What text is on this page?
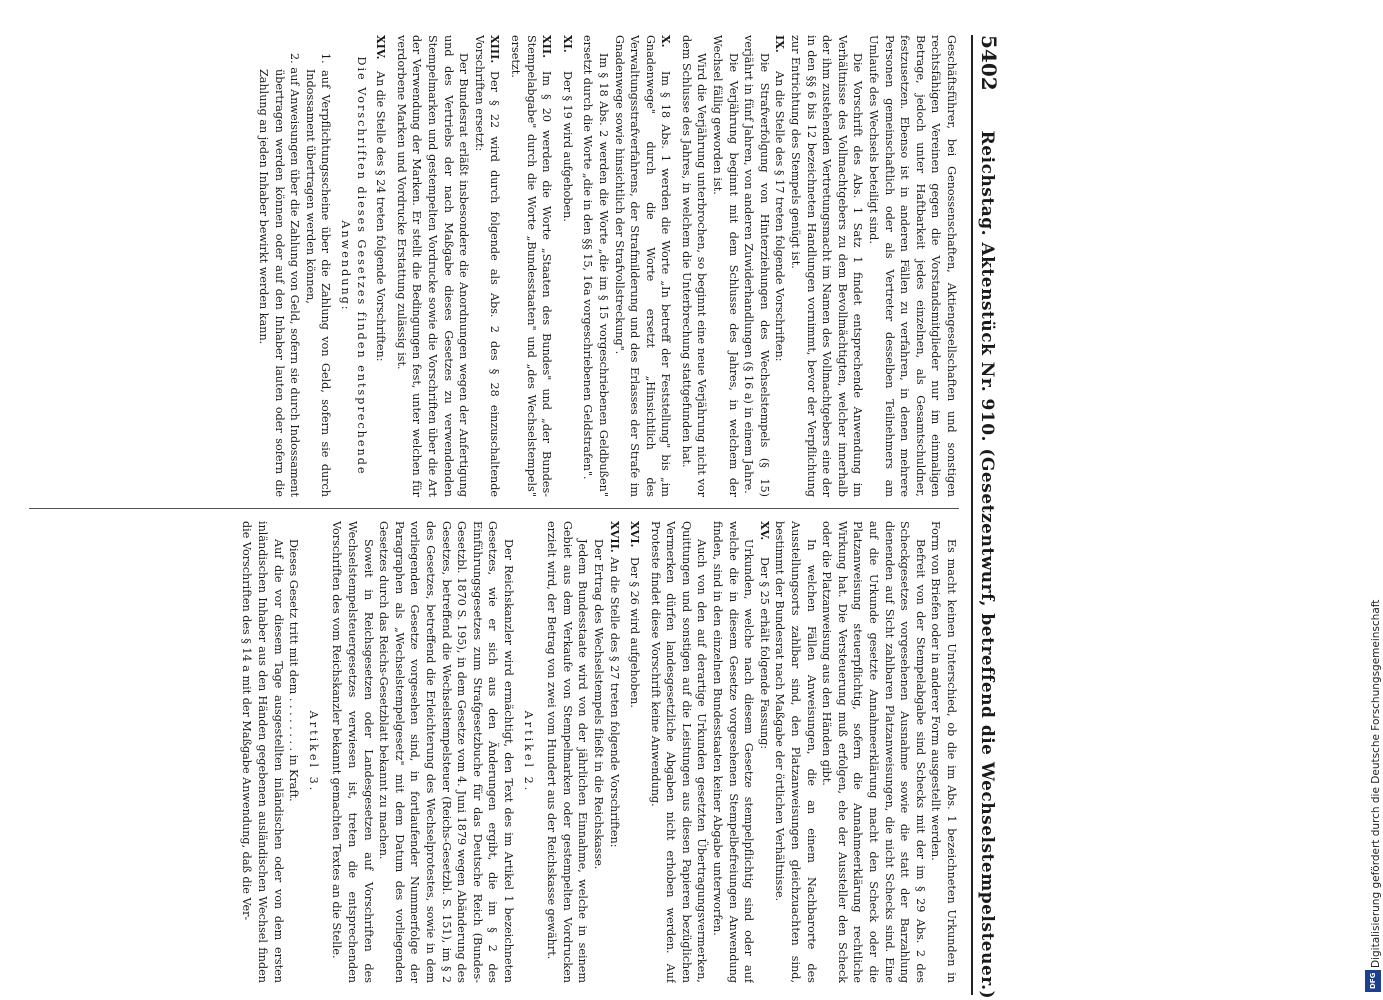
5402
Reichstag. Aktenstück Nr. 910. (Gesetzentwurf, betreffend die Wechselstempelsteuer.)

Geschäftsführer, bei Genossenschaften, Aktiengesellschaften und sonstigen rechtsfähigen Vereinen gegen die Vorstandsmitglieder nur im einmaligen Betrage, jedoch unter Haftbarkeit jedes einzelnen, als Gesamtschuldner, festzusetzen. Ebenso ist in anderen Fällen zu verfahren, in denen mehrere Personen gemeinschaftlich oder als Vertreter desselben Teilnehmers am Umlaufe des Wechsels beteiligt sind.

Die Vorschrift des Abs. 1 Satz 1 findet entsprechende Anwendung im Verhältnisse des Vollmachtgebers zu dem Bevollmächtigten, welcher innerhalb der ihm zustehenden Vertretungsmacht im Namen des Vollmachtgebers eine der in den §§ 6 bis 12 bezeichneten Handlungen vornimmt, bevor der Verpflichtung zur Entrichtung des Stempels genügt ist.

IX.An die Stelle des § 17 treten folgende Vorschriften:

Die Strafverfolgung von Hinterziehungen des Wechselstempels (§ 15) verjährt in fünf Jahren, von anderen Zuwiderhandlungen (§ 16 a) in einem Jahre.

Die Verjährung beginnt mit dem Schlusse des Jahres, in welchem der Wechsel fällig geworden ist.

Wird die Verjährung unterbrochen, so beginnt eine neue Verjährung nicht vor dem Schlusse des Jahres, in welchem die Unterbrechung stattgefunden hat.

X.Im § 18 Abs. 1 werden die Worte „In betreff der Feststellung" bis „im Gnadenwege" durch die Worte ersetzt „Hinsichtlich des Verwaltungsstrafverfahrens, der Strafmilderung und des Erlasses der Strafe im Gnadenwege sowie hinsichtlich der Strafvollstreckung".

Im § 18 Abs. 2 werden die Worte „die im § 15 vorgeschriebenen Geldbußen" ersetzt durch die Worte „die in den §§ 15, 16a vorgeschriebenen Geldstrafen".

XI.Der § 19 wird aufgehoben.

XII.Im § 20 werden die Worte „Staaten des Bundes" und „der Bundes-Stempelabgabe" durch die Worte „Bundesstaaten" und „des Wechselstempels" ersetzt.

XIII.Der § 22 wird durch folgende als Abs. 2 des § 28 einzuschaltende Vorschriften ersetzt:

Der Bundesrat erläßt insbesondere die Anordnungen wegen der Anfertigung und des Vertriebs der nach Maßgabe dieses Gesetzes zu verwendenden Stempelmarken und gestempelten Vordrucke sowie die Vorschriften über die Art der Verwendung der Marken. Er stellt die Bedingungen fest, unter welchen für verdorbene Marken und Vordrucke Erstattung zulässig ist.

XIV.An die Stelle des § 24 treten folgende Vorschriften:

Die Vorschriften dieses Gesetzes finden entsprechende Anwendung:

1. auf Verpflichtungsscheine über die Zahlung von Geld, sofern sie durch Indossament übertragen werden können,

2. auf Anweisungen über die Zahlung von Geld, sofern sie durch Indossament übertragen werden können oder auf den Inhaber lauten oder sofern die Zahlung an jeden Inhaber bewirkt werden kann.

Es macht keinen Unterschied, ob die im Abs. 1 bezeichneten Urkunden in Form von Briefen oder in anderer Form ausgestellt werden.

Befreit von der Stempelabgabe sind Schecks mit der im § 29 Abs. 2 des Scheckgesetzes vorgesehenen Ausnahme sowie die statt der Barzahlung dienenden auf Sicht zahlbaren Platzanweisungen, die nicht Schecks sind. Eine auf die Urkunde gesetzte Annahmeerklärung macht den Scheck oder die Platzanweisung steuerpflichtig, sofern die Annahmeerklärung rechtliche Wirkung hat. Die Versteuerung muß erfolgen, ehe der Aussteller den Scheck oder die Platzanweisung aus den Händen gibt.

In welchen Fällen Anweisungen, die an einem Nachbarorte des Ausstellungsorts zahlbar sind, den Platzanweisungen gleichzuachten sind, bestimmt der Bundesrat nach Maßgabe der örtlichen Verhältnisse.

XV.Der § 25 erhält folgende Fassung:

Urkunden, welche nach diesem Gesetze stempelpflichtig sind oder auf welche die in diesem Gesetze vorgesehenen Stempelbefreiungen Anwendung finden, sind in den einzelnen Bundesstaaten keiner Abgabe unterworfen.

Auch von den auf derartige Urkunden gesetzten Übertragungsvermerken, Quittungen und sonstigen auf die Leistungen aus diesen Papieren bezüglichen Vermerken dürfen landesgesetzliche Abgaben nicht erhoben werden. Auf Proteste findet diese Vorschrift keine Anwendung.

XVI.Der § 26 wird aufgehoben.

XVII.An die Stelle des § 27 treten folgende Vorschriften:

Der Ertrag des Wechselstempels fließt in die Reichskasse.

Jedem Bundesstaate wird von der jährlichen Einnahme, welche in seinem Gebiet aus dem Verkaufe von Stempelmarken oder gestempelten Vordrucken erzielt wird, der Betrag von zwei vom Hundert aus der Reichskasse gewährt.

Artikel 2.

Der Reichskanzler wird ermächtigt, den Text des im Artikel 1 bezeichneten Gesetzes, wie er sich aus den Änderungen ergibt, die im § 2 des Einführungsgesetzes zum Strafgesetzbuche für das Deutsche Reich (Bundes-Gesetzbl. 1870 S. 195), in dem Gesetze vom 4. Juni 1879 wegen Abänderung des Gesetzes, betreffend die Wechselstempelsteuer (Reichs-Gesetzbl. S. 151), im § 2 des Gesetzes, betreffend die Erleichterung des Wechselprotestes, sowie in dem vorliegenden Gesetze vorgesehen sind, in fortlaufender Nummerfolge der Paragraphen als „Wechselstempelgesetz" mit dem Datum des vorliegenden Gesetzes durch das Reichs-Gesetzblatt bekannt zu machen.

Soweit in Reichsgesetzen oder Landesgesetzen auf Vorschriften des Wechselstempelsteuergesetzes verwiesen ist, treten die entsprechenden Vorschriften des vom Reichskanzler bekannt gemachten Textes an die Stelle.

Artikel 3.

Dieses Gesetz tritt mit dem . . . . . . . . in Kraft.

Auf die vor diesem Tage ausgestellten inländischen oder von dem ersten inländischen Inhaber aus den Händen gegebenen ausländischen Wechsel finden die Vorschriften des § 14 a mit der Maßgabe Anwendung, daß die Ver-	Digitalisierung gefördert durch die Deutsche Forschungsgemeinschaft
DFG
